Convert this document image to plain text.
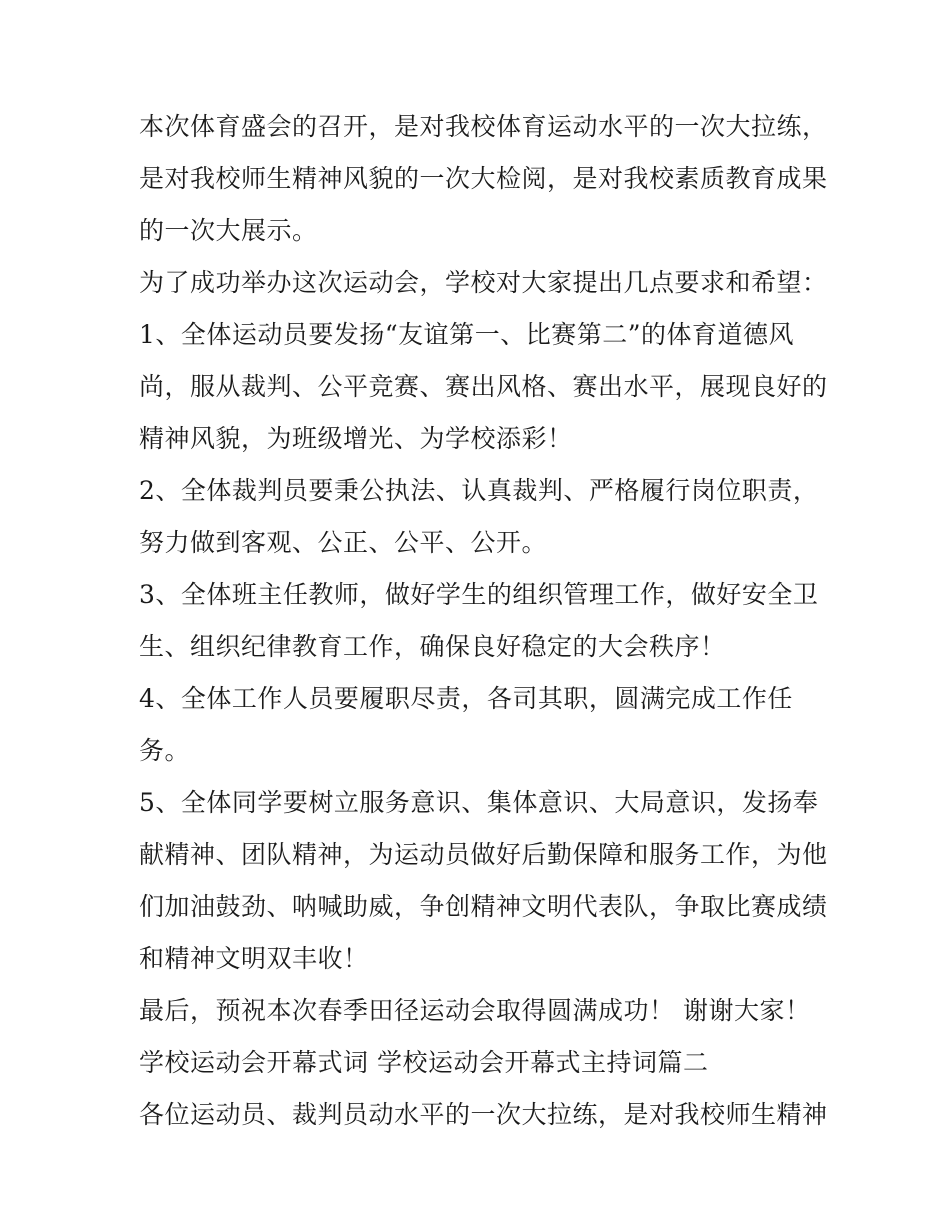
本次体育盛会的召开，是对我校体育运动水平的一次大拉练，
是对我校师生精神风貌的一次大检阅，是对我校素质教育成果
的一次大展示。
为了成功举办这次运动会，学校对大家提出几点要求和希望：
1、全体运动员要发扬“友谊第一、比赛第二”的体育道德风
尚，服从裁判、公平竞赛、赛出风格、赛出水平，展现良好的
精神风貌，为班级增光、为学校添彩！
2、全体裁判员要秉公执法、认真裁判、严格履行岗位职责，
努力做到客观、公正、公平、公开。
3、全体班主任教师，做好学生的组织管理工作，做好安全卫
生、组织纪律教育工作，确保良好稳定的大会秩序！
4、全体工作人员要履职尽责，各司其职，圆满完成工作任
务。
5、全体同学要树立服务意识、集体意识、大局意识，发扬奉
献精神、团队精神，为运动员做好后勤保障和服务工作，为他
们加油鼓劲、呐喊助威，争创精神文明代表队，争取比赛成绩
和精神文明双丰收！
最后，预祝本次春季田径运动会取得圆满成功！ 谢谢大家！
学校运动会开幕式词 学校运动会开幕式主持词篇二
各位运动员、裁判员动水平的一次大拉练，是对我校师生精神
